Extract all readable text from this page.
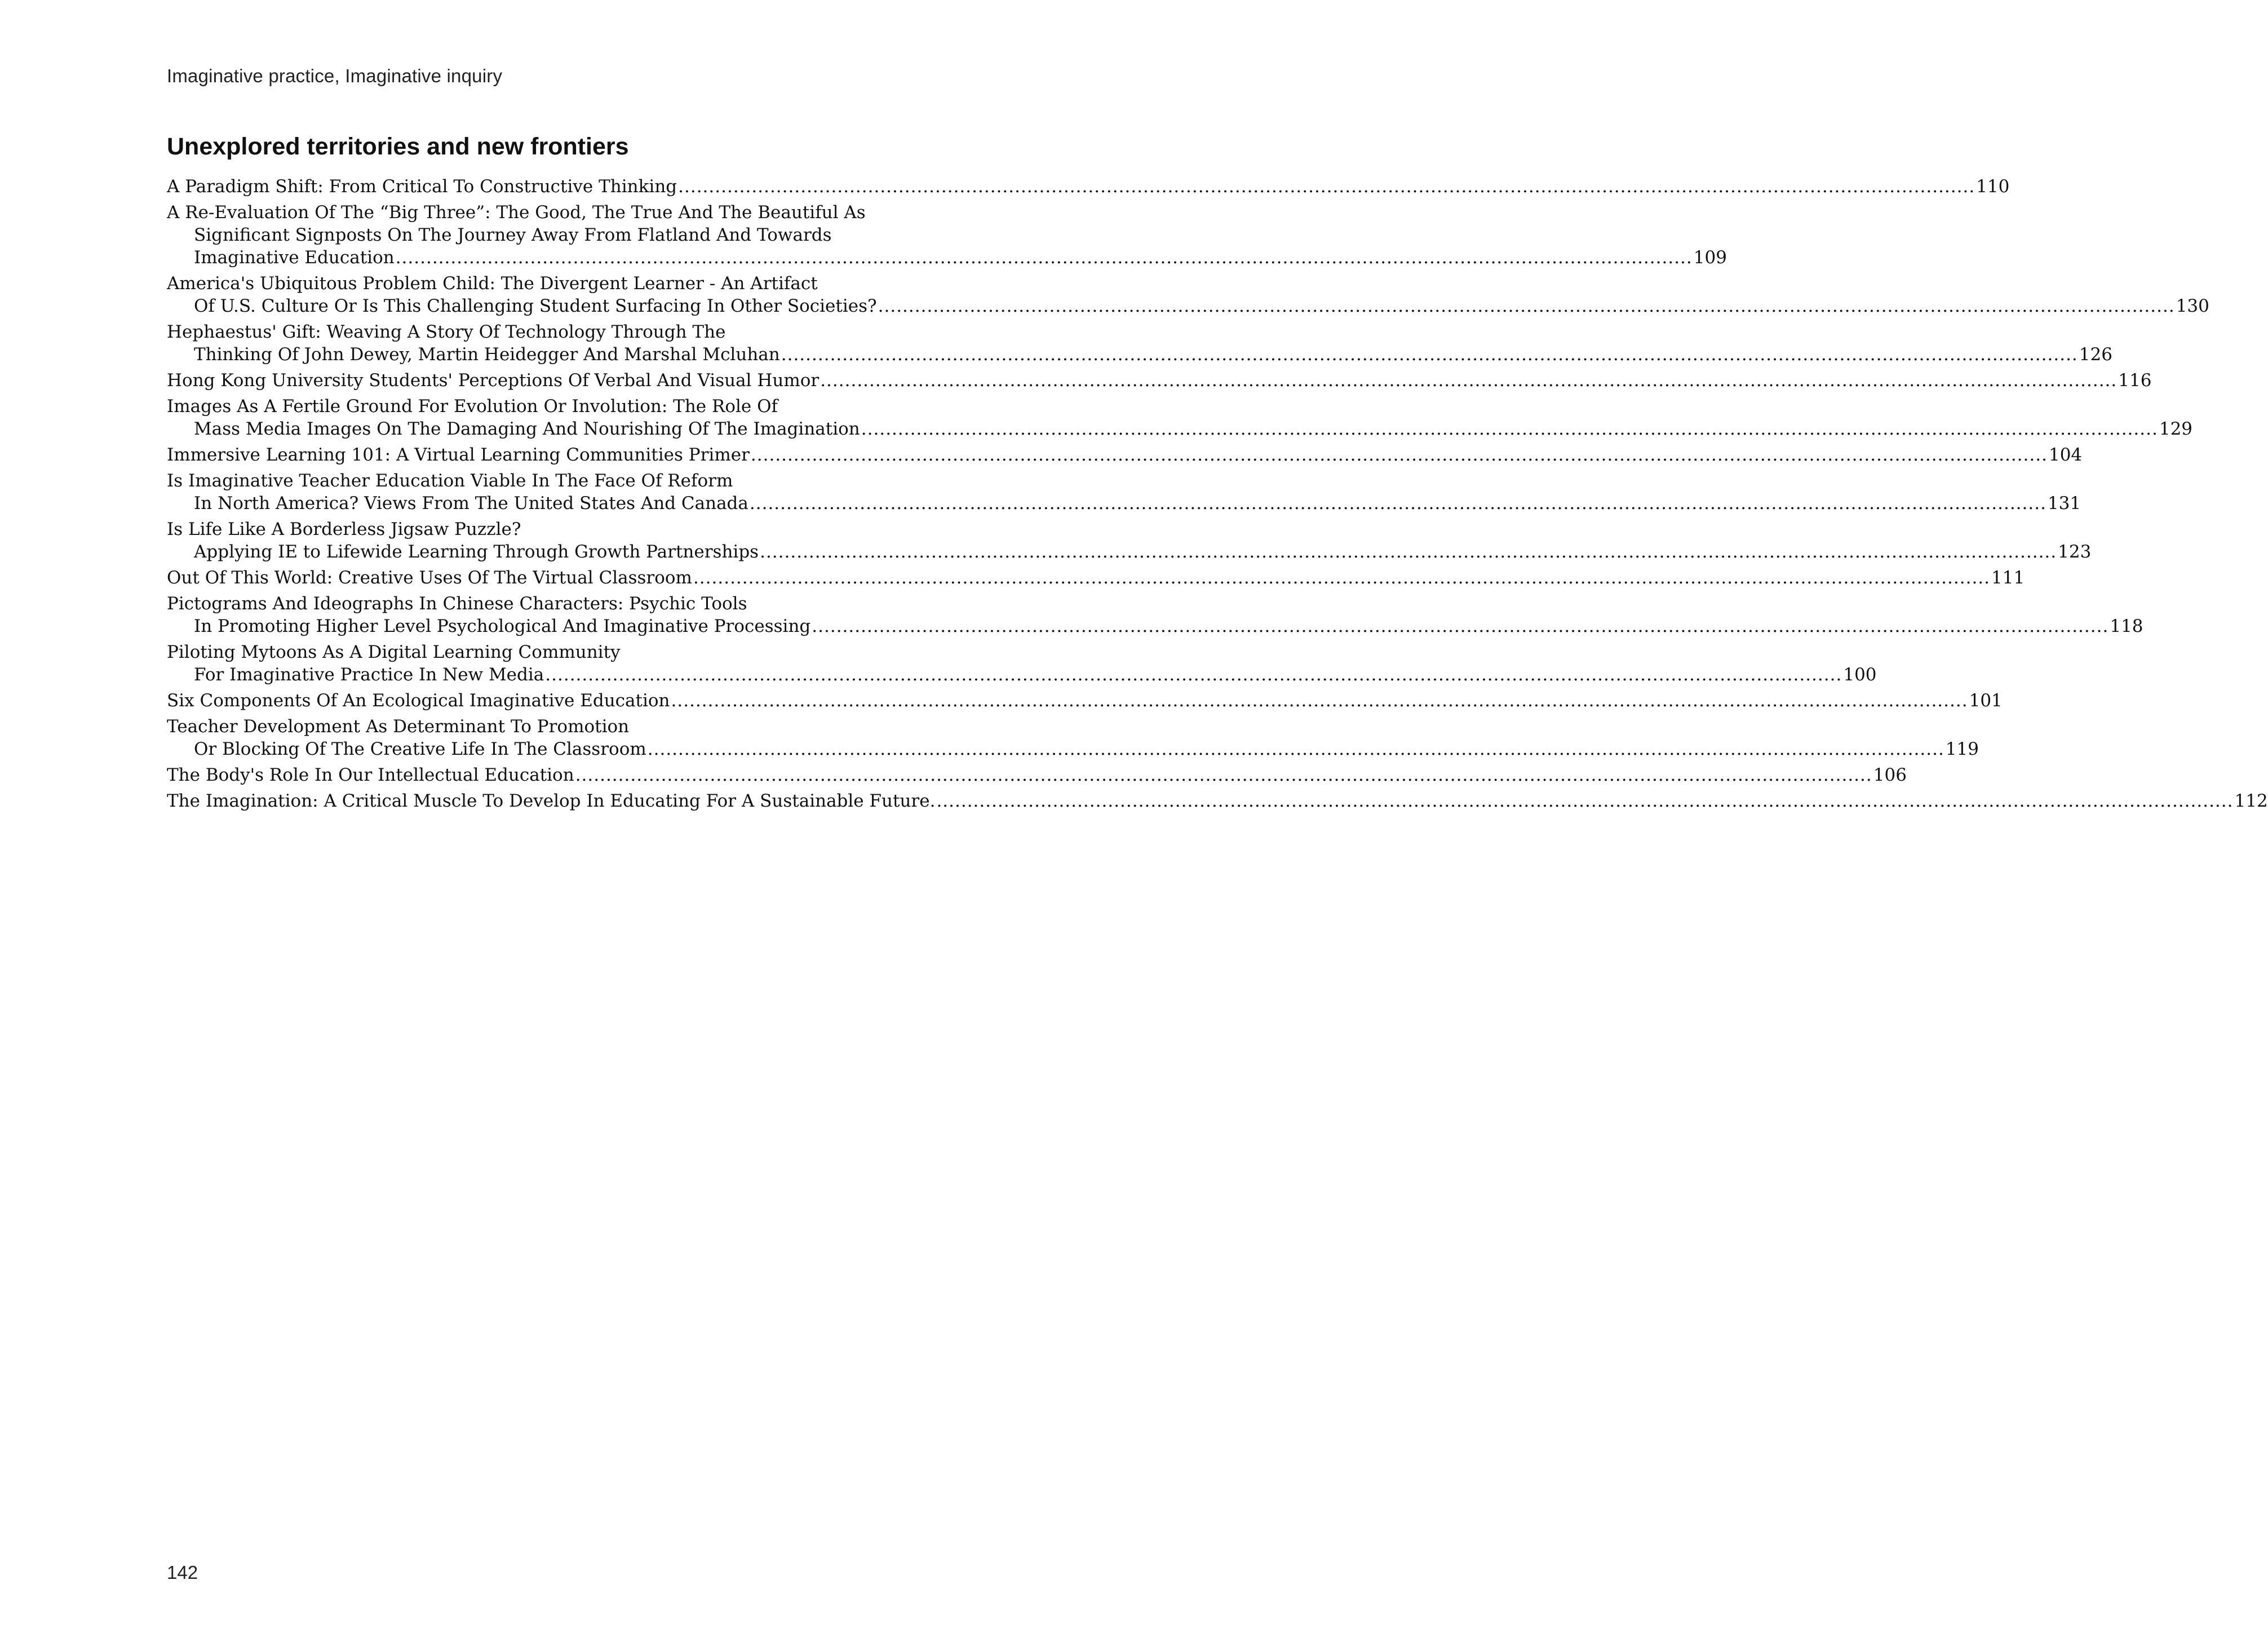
Imaginative practice, Imaginative inquiry
Unexplored territories and new frontiers
A Paradigm Shift: From Critical To Constructive Thinking .....	110
A Re-Evaluation Of The “Big Three”: The Good, The True And The Beautiful As
Significant Signposts On The Journey Away From Flatland And Towards
Imaginative Education .....	109
America's Ubiquitous Problem Child: The Divergent Learner - An Artifact
Of U.S. Culture Or Is This Challenging Student Surfacing In Other Societies? .....	130
Hephaestus' Gift: Weaving A Story Of Technology Through The
Thinking Of John Dewey, Martin Heidegger And Marshal Mcluhan .....	126
Hong Kong University Students' Perceptions Of Verbal And Visual Humor .....	116
Images As A Fertile Ground For Evolution Or Involution: The Role Of
Mass Media Images On The Damaging And Nourishing Of The Imagination .....	129
Immersive Learning 101: A Virtual Learning Communities Primer .....	104
Is Imaginative Teacher Education Viable In The Face Of Reform
In North America? Views From The United States And Canada .....	131
Is Life Like A Borderless Jigsaw Puzzle?
Applying IE to Lifewide Learning Through Growth Partnerships .....	123
Out Of This World: Creative Uses Of The Virtual Classroom .....	111
Pictograms And Ideographs In Chinese Characters: Psychic Tools
In Promoting Higher Level Psychological And Imaginative Processing .....	118
Piloting Mytoons As A Digital Learning Community
For Imaginative Practice In New Media .....	100
Six Components Of An Ecological Imaginative Education .....	101
Teacher Development As Determinant To Promotion
Or Blocking Of The Creative Life In The Classroom .....	119
The Body's Role In Our Intellectual Education .....	106
The Imagination: A Critical Muscle To Develop In Educating For A Sustainable Future. .....	112
142
